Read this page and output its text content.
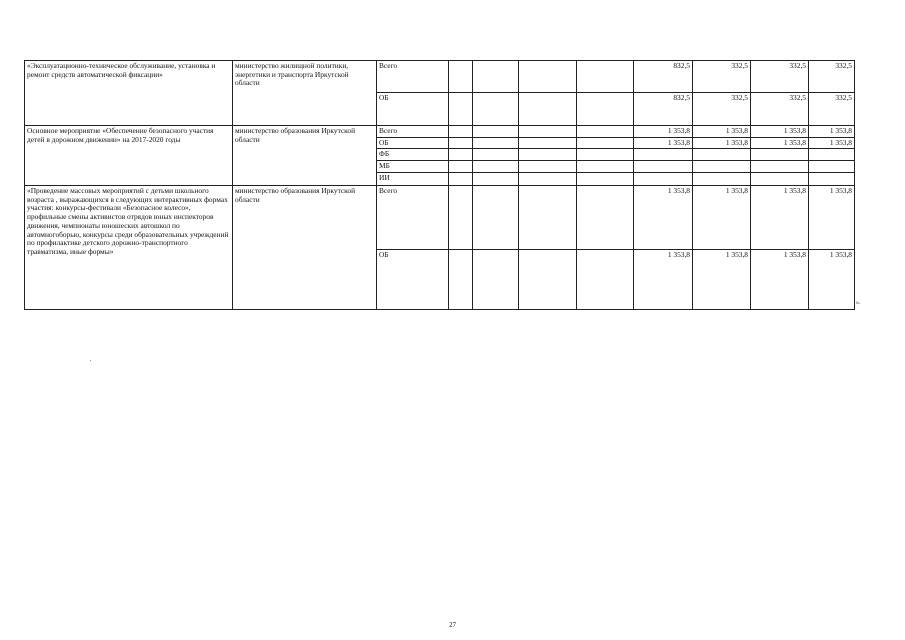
«Эксплуатационно-техническое обслуживание, установка и ремонт средств автоматической фиксации»	министерство жилищной политики, энергетики и транспорта Иркутской области	Всего					832,5	332,5	332,5	332,5
		ОБ					832,5	332,5	332,5	332,5
Основное мероприятие «Обеспечение безопасного участия детей в дорожном движении» на 2017-2020 годы	министерство образования Иркутской области	Всего					1 353,8	1 353,8	1 353,8	1 353,8
		ОБ					1 353,8	1 353,8	1 353,8	1 353,8
		ФБ								
		МБ								
		ИИ								
«Проведение массовых мероприятий с детьми школьного возраста , выражающихся в следующих интерактивных формах участия: конкурсы-фестивали «Безопасное колесо», профильные смены активистов отрядов юных инспекторов движения, чемпионаты юношеских автошкол по автомногоборью, конкурсы среди образовательных учреждений по профилактике детского дорожно-транспортного травматизма, иные формы»	министерство образования Иркутской области	Всего					1 353,8	1 353,8	1 353,8	1 353,8
		ОБ					1 353,8	1 353,8	1 353,8	1 353,8
».
27
